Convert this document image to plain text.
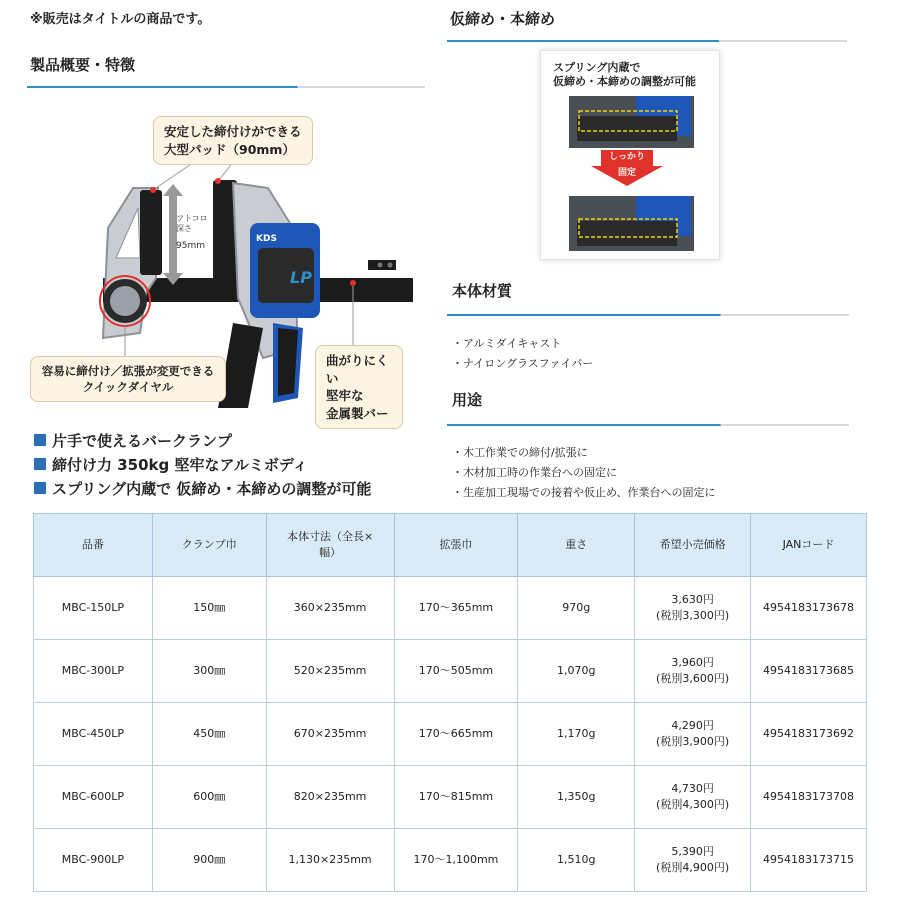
※販売はタイトルの商品です。
製品概要・特徴
KDS
LP
フトコロ
深さ
95mm
安定した締付けができる
大型パッド（90mm）
容易に締付け／拡張が変更できる
クイックダイヤル
曲がりにくい
堅牢な
金属製バー
片手で使えるバークランプ
締付け力 350kg 堅牢なアルミボディ
スプリング内蔵で 仮締め・本締めの調整が可能
仮締め・本締め
スプリング内蔵で
仮締め・本締めの調整が可能
しっかり
固定
本体材質
・アルミダイキャスト
・ナイロングラスファイバー
用途
・木工作業での締付/拡張に
・木材加工時の作業台への固定に
・生産加工現場での接着や仮止め、作業台への固定に
品番	クランプ巾	本体寸法（全長×
幅）	拡張巾	重さ	希望小売価格	JANコード
MBC-150LP	150㎜	360×235mm	170～365mm	970g	3,630円
(税別3,300円)	4954183173678
MBC-300LP	300㎜	520×235mm	170～505mm	1,070g	3,960円
(税別3,600円)	4954183173685
MBC-450LP	450㎜	670×235mm	170～665mm	1,170g	4,290円
(税別3,900円)	4954183173692
MBC-600LP	600㎜	820×235mm	170～815mm	1,350g	4,730円
(税別4,300円)	4954183173708
MBC-900LP	900㎜	1,130×235mm	170～1,100mm	1,510g	5,390円
(税別4,900円)	4954183173715
